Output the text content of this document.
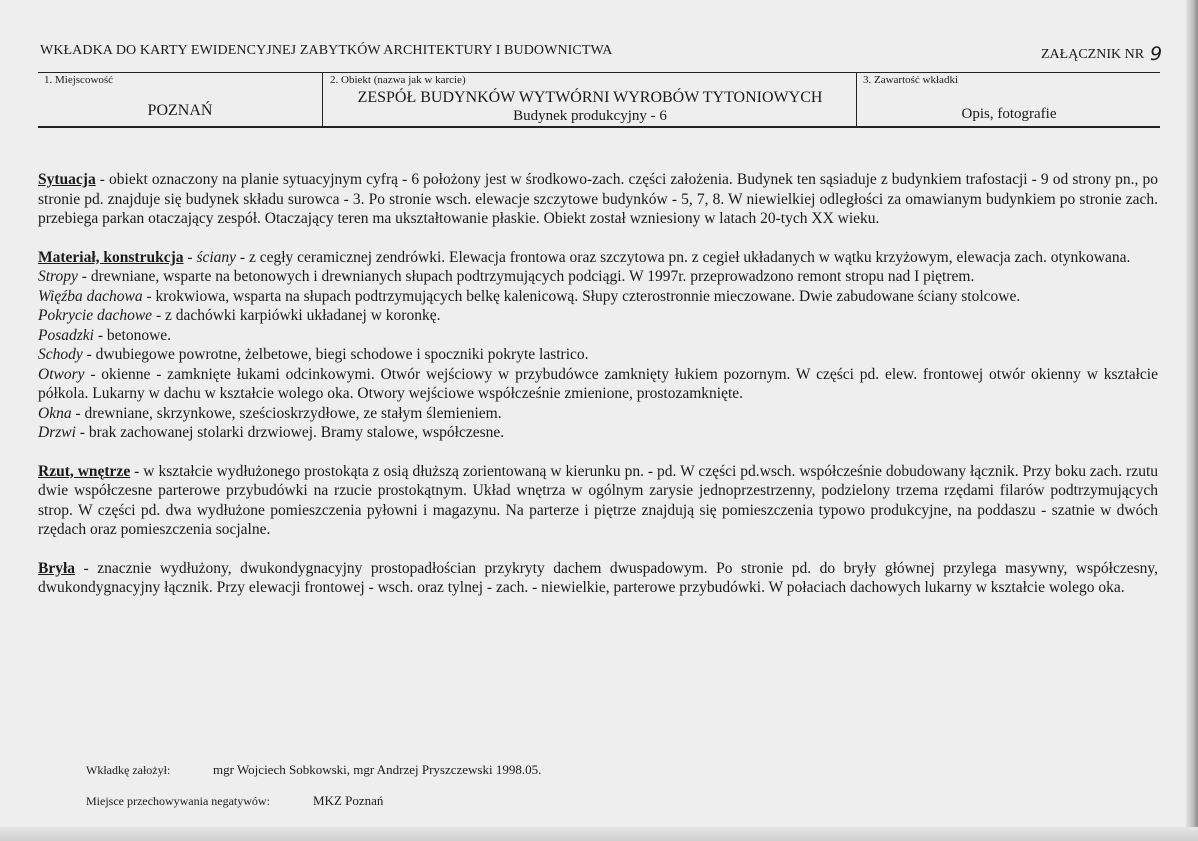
WKŁADKA DO KARTY EWIDENCYJNEJ ZABYTKÓW ARCHITEKTURY I BUDOWNICTWA	ZAŁĄCZNIK NR 9
1. Miejscowość
POZNAŃ
2. Obiekt (nazwa jak w karcie)
ZESPÓŁ BUDYNKÓW WYTWÓRNI WYROBÓW TYTONIOWYCH
Budynek produkcyjny - 6
3. Zawartość wkładki
Opis, fotografie

Sytuacja - obiekt oznaczony na planie sytuacyjnym cyfrą - 6 położony jest w środkowo-zach. części założenia. Budynek ten sąsiaduje z budynkiem trafostacji - 9 od strony pn., po stronie pd. znajduje się budynek składu surowca - 3. Po stronie wsch. elewacje szczytowe budynków - 5, 7, 8. W niewielkiej odległości za omawianym budynkiem po stronie zach. przebiega parkan otaczający zespół. Otaczający teren ma ukształtowanie płaskie. Obiekt został wzniesiony w latach 20-tych XX wieku.

Materiał, konstrukcja - ściany - z cegły ceramicznej zendrówki. Elewacja frontowa oraz szczytowa pn. z cegieł układanych w wątku krzyżowym, elewacja zach. otynkowana.

Stropy - drewniane, wsparte na betonowych i drewnianych słupach podtrzymujących podciągi. W 1997r. przeprowadzono remont stropu nad I piętrem.

Więźba dachowa - krokwiowa, wsparta na słupach podtrzymujących belkę kalenicową. Słupy czterostronnie mieczowane. Dwie zabudowane ściany stolcowe.

Pokrycie dachowe - z dachówki karpiówki układanej w koronkę.

Posadzki - betonowe.

Schody - dwubiegowe powrotne, żelbetowe, biegi schodowe i spoczniki pokryte lastrico.

Otwory - okienne - zamknięte łukami odcinkowymi. Otwór wejściowy w przybudówce zamknięty łukiem pozornym. W części pd. elew. frontowej otwór okienny w kształcie półkola. Lukarny w dachu w kształcie wolego oka. Otwory wejściowe współcześnie zmienione, prostozamknięte.

Okna - drewniane, skrzynkowe, sześcioskrzydłowe, ze stałym ślemieniem.

Drzwi - brak zachowanej stolarki drzwiowej. Bramy stalowe, współczesne.

Rzut, wnętrze - w kształcie wydłużonego prostokąta z osią dłuższą zorientowaną w kierunku pn. - pd. W części pd.wsch. współcześnie dobudowany łącznik. Przy boku zach. rzutu dwie współczesne parterowe przybudówki na rzucie prostokątnym. Układ wnętrza w ogólnym zarysie jednoprzestrzenny, podzielony trzema rzędami filarów podtrzymujących strop. W części pd. dwa wydłużone pomieszczenia pyłowni i magazynu. Na parterze i piętrze znajdują się pomieszczenia typowo produkcyjne, na poddaszu - szatnie w dwóch rzędach oraz pomieszczenia socjalne.

Bryła - znacznie wydłużony, dwukondygnacyjny prostopadłościan przykryty dachem dwuspadowym. Po stronie pd. do bryły głównej przylega masywny, współczesny, dwukondygnacyjny łącznik. Przy elewacji frontowej - wsch. oraz tylnej - zach. - niewielkie, parterowe przybudówki. W połaciach dachowych lukarny w kształcie wolego oka.

Wkładkę założył:	mgr Wojciech Sobkowski, mgr Andrzej Pryszczewski 1998.05.
Miejsce przechowywania negatywów:	MKZ Poznań
